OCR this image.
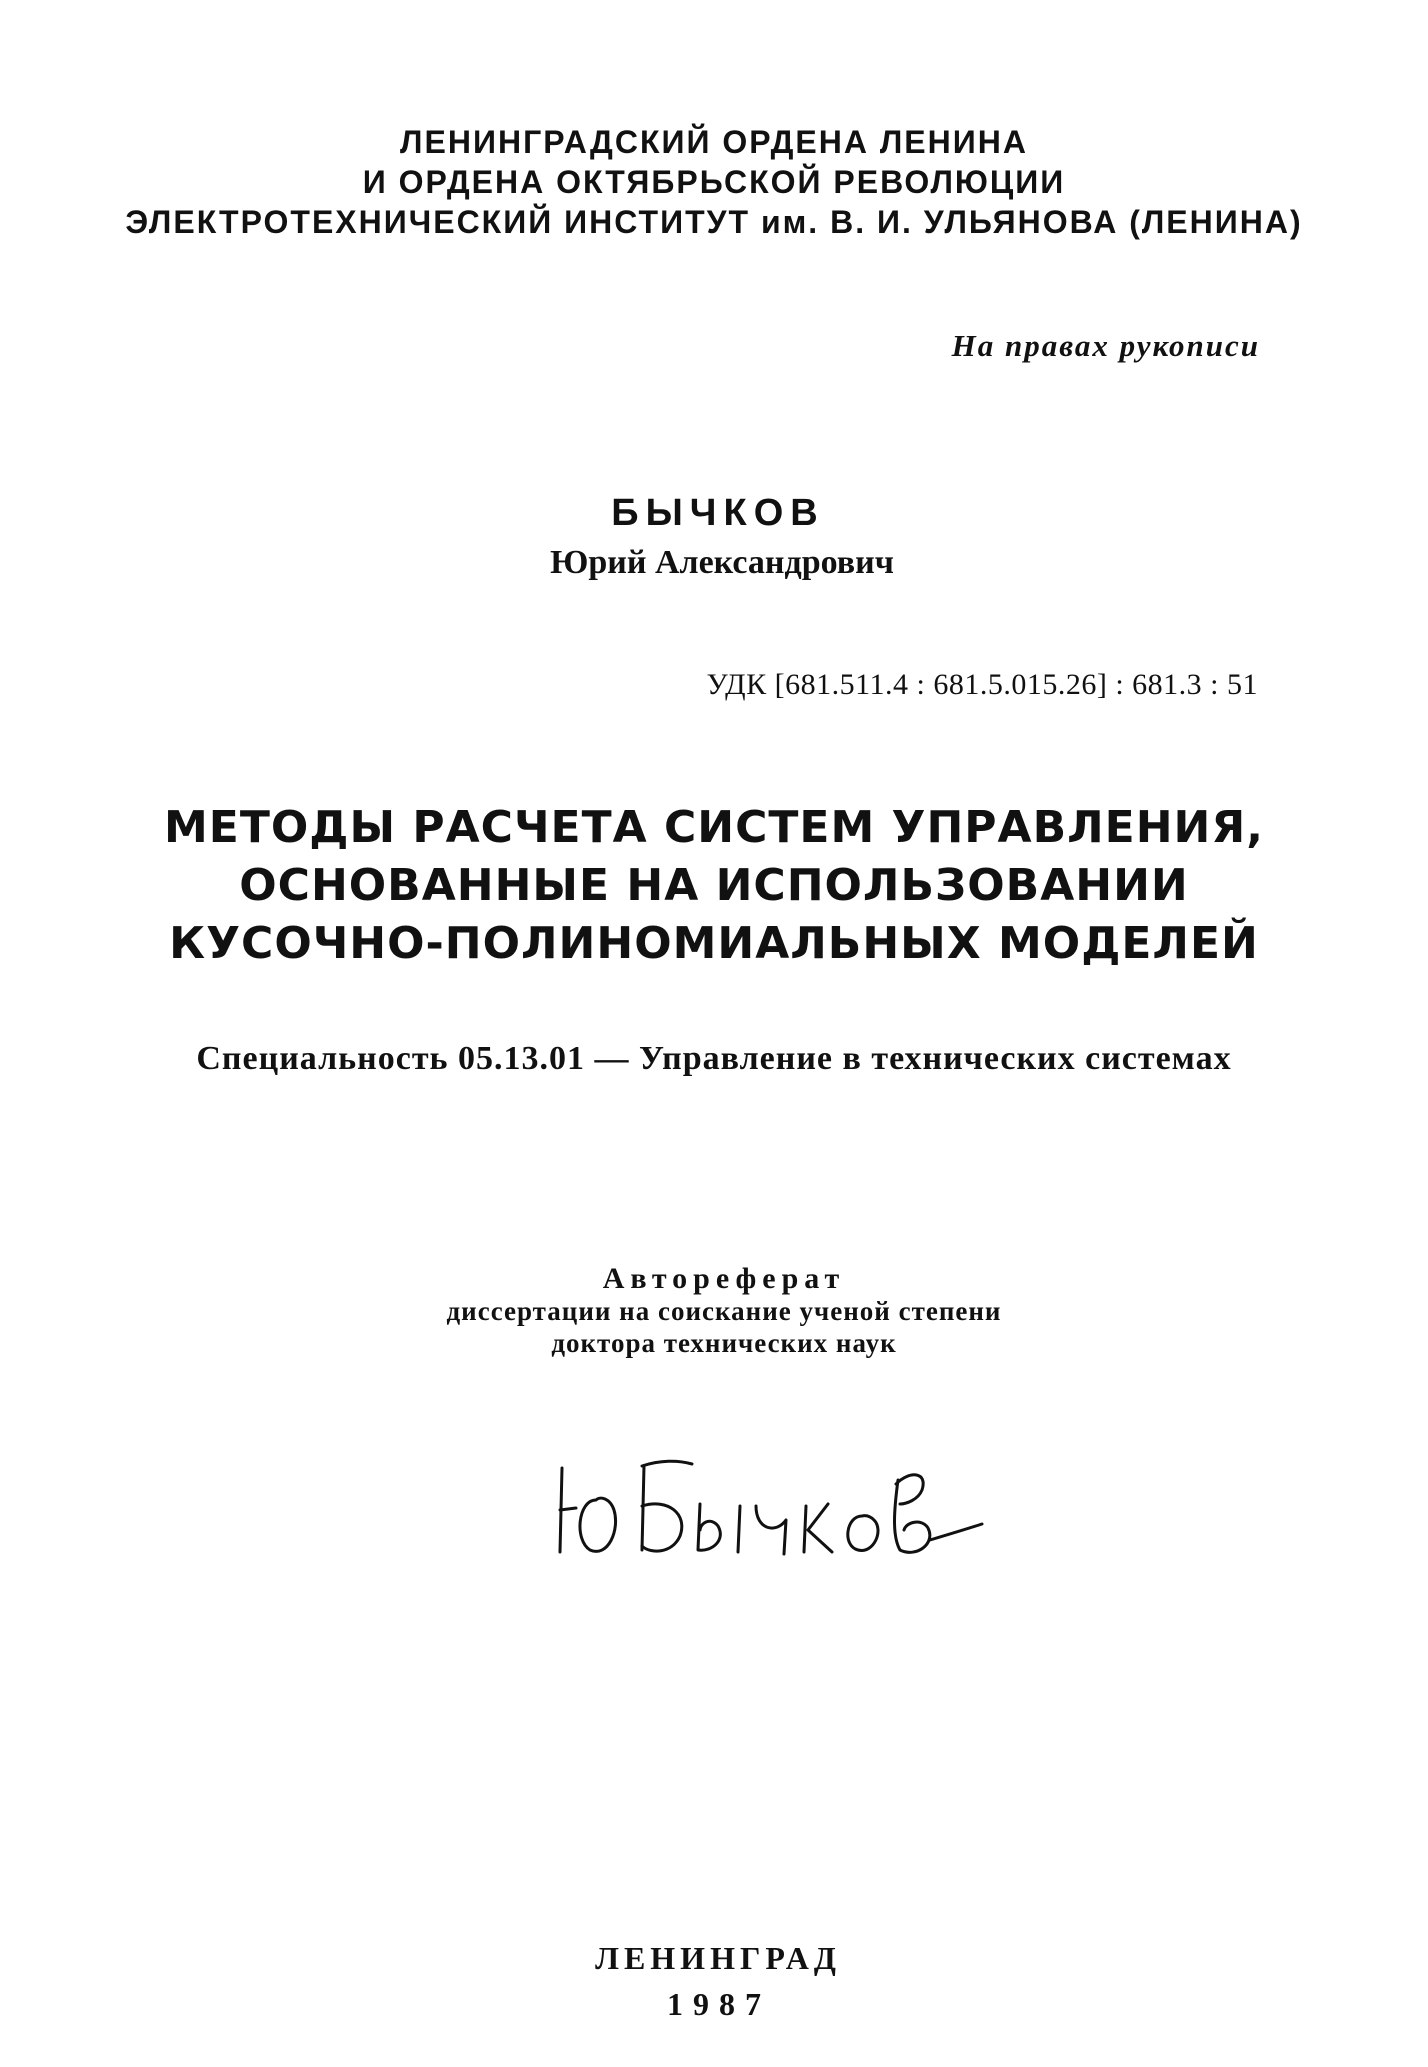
ЛЕНИНГРАДСКИЙ ОРДЕНА ЛЕНИНА
И ОРДЕНА ОКТЯБРЬСКОЙ РЕВОЛЮЦИИ
ЭЛЕКТРОТЕХНИЧЕСКИЙ ИНСТИТУТ им. В. И. УЛЬЯНОВА (ЛЕНИНА)
На правах рукописи
БЫЧКОВ
Юрий Александрович
УДК [681.511.4 : 681.5.015.26] : 681.3 : 51
МЕТОДЫ РАСЧЕТА СИСТЕМ УПРАВЛЕНИЯ,
ОСНОВАННЫЕ НА ИСПОЛЬЗОВАНИИ
КУСОЧНО-ПОЛИНОМИАЛЬНЫХ МОДЕЛЕЙ
Специальность 05.13.01 — Управление в технических системах
Автореферат
диссертации на соискание ученой степени
доктора технических наук
ЛЕНИНГРАД
1987
